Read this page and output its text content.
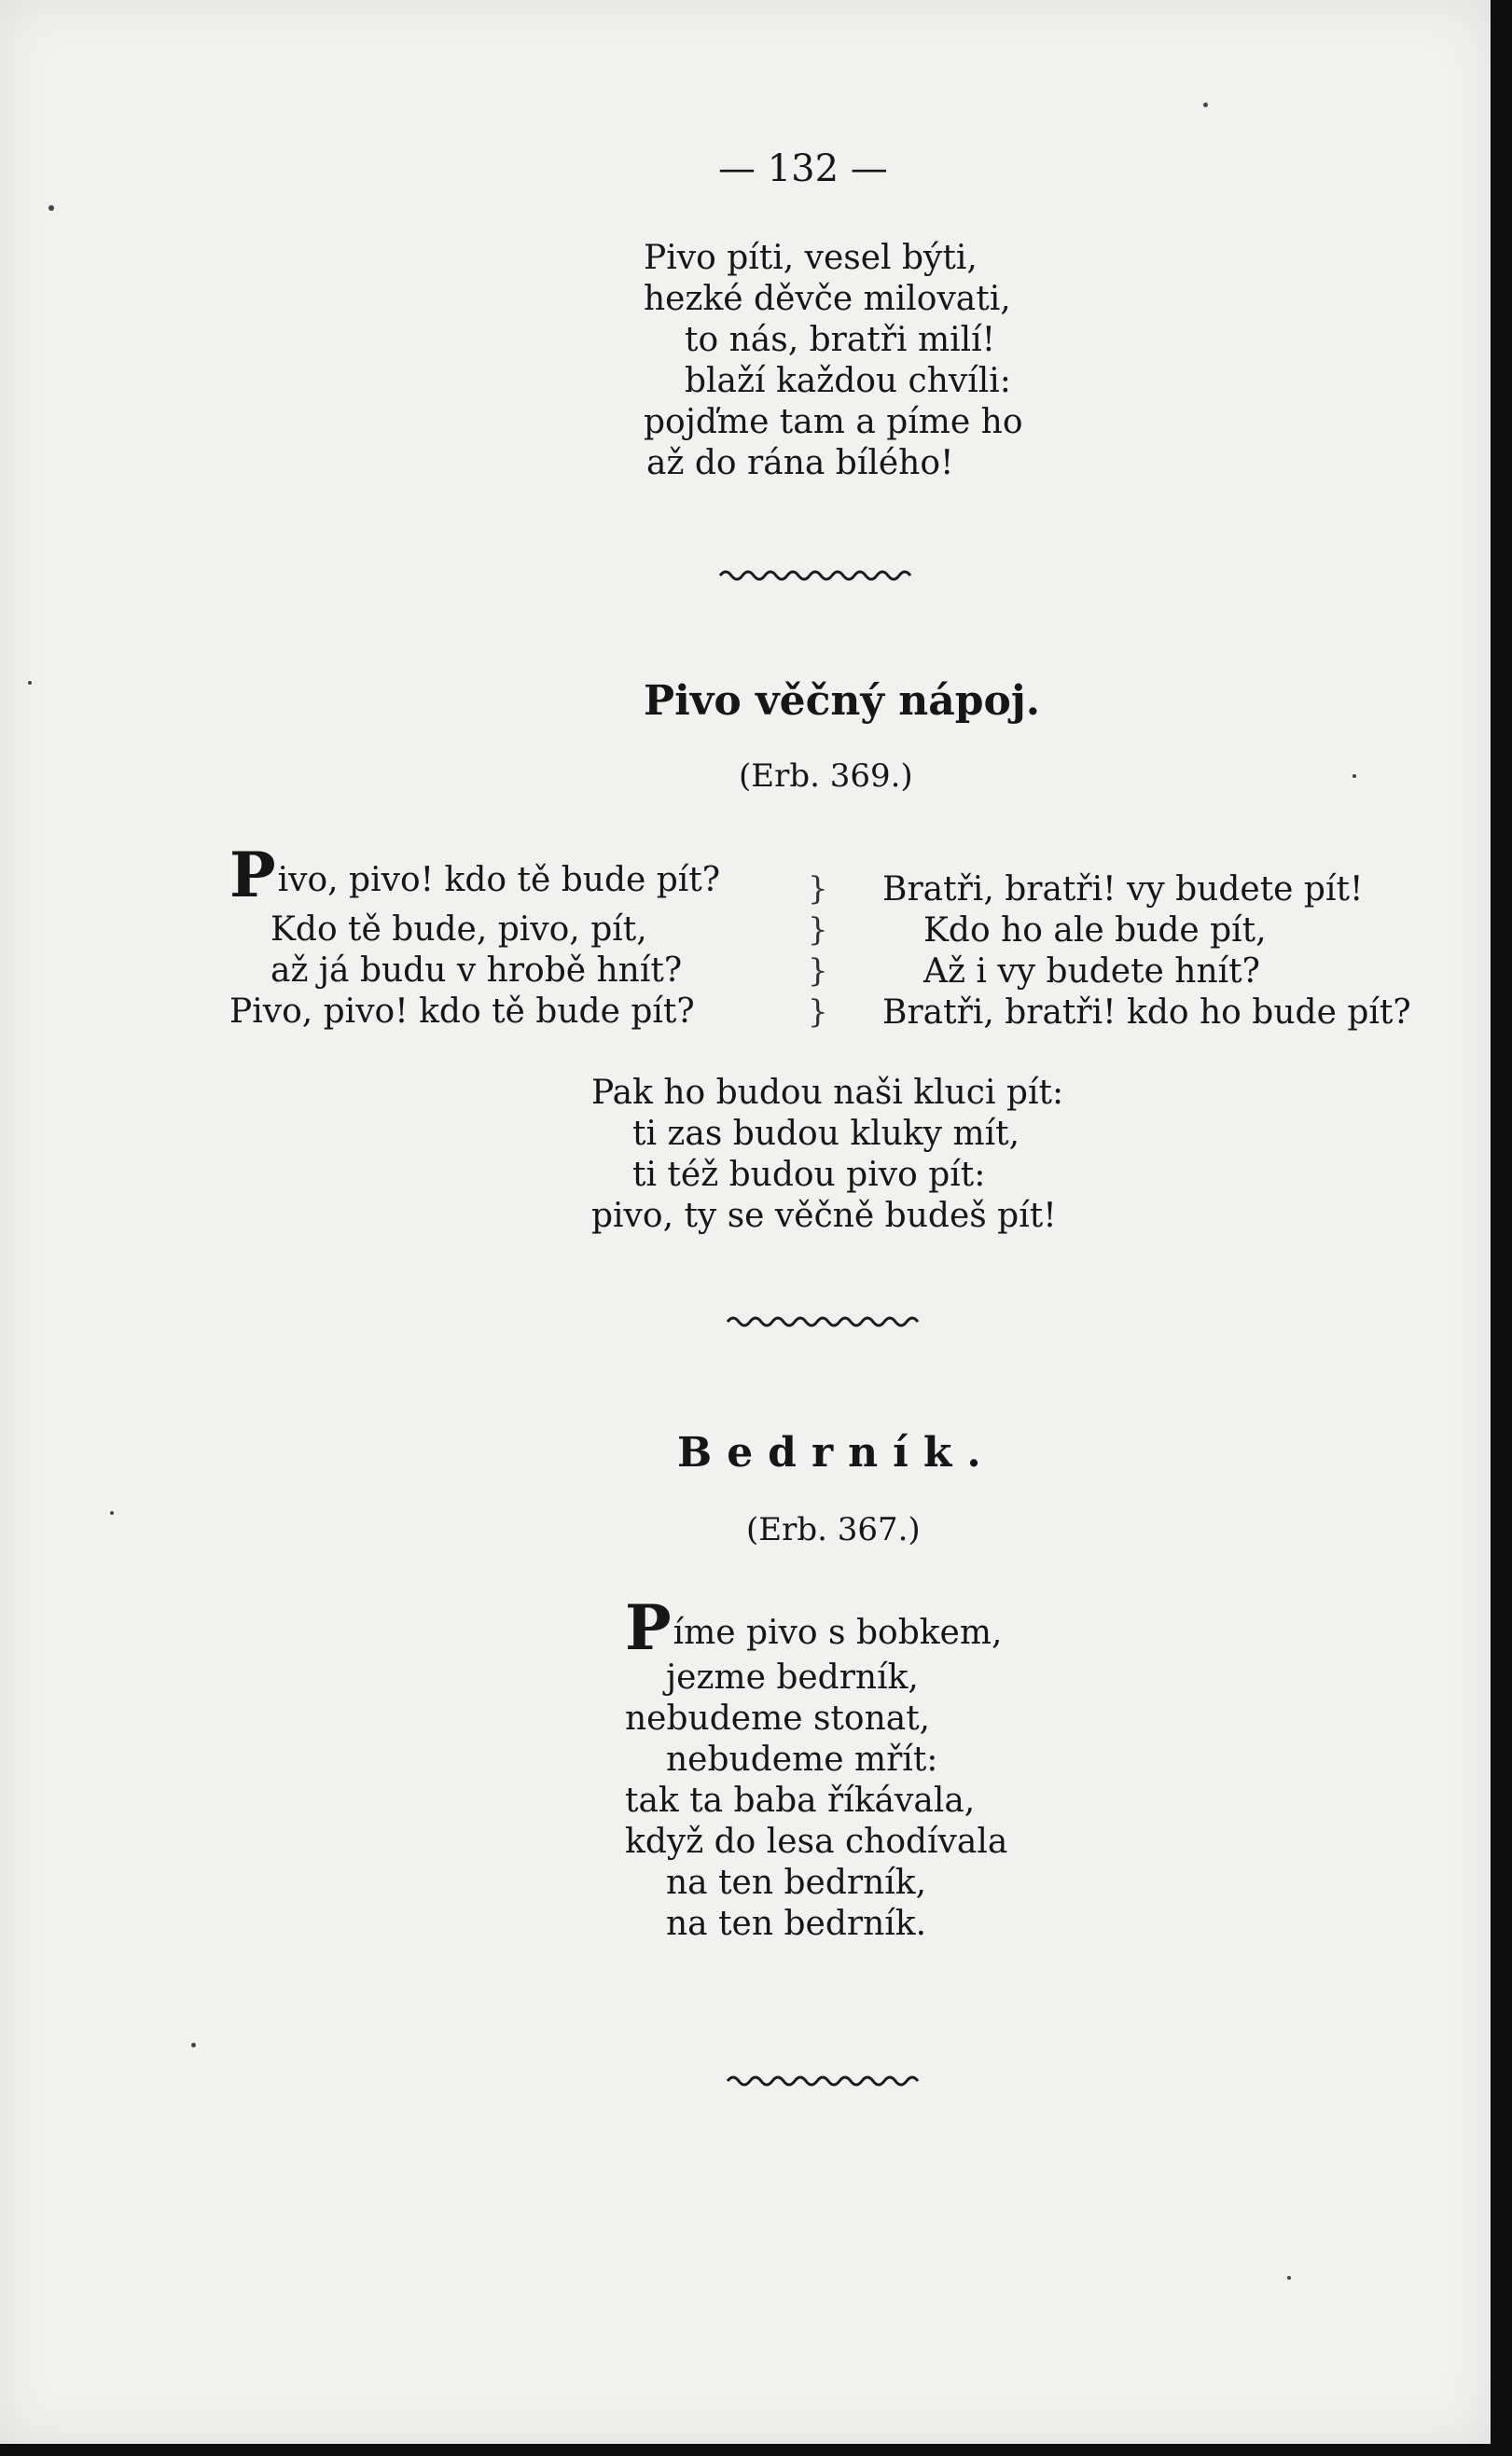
— 132 —
Pivo píti, vesel býti,
hezké děvče milovati,
to nás, bratři milí!
blaží každou chvíli:
pojďme tam a píme ho
až do rána bílého!
Pivo věčný nápoj.
(Erb. 369.)
Pivo, pivo! kdo tě bude pít?
Kdo tě bude, pivo, pít,
až já budu v hrobě hnít?
Pivo, pivo! kdo tě bude pít?
}
}
}
}
Bratři, bratři! vy budete pít!
Kdo ho ale bude pít,
Až i vy budete hnít?
Bratři, bratři! kdo ho bude pít?
Pak ho budou naši kluci pít:
ti zas budou kluky mít,
ti též budou pivo pít:
pivo, ty se věčně budeš pít!
Bedrník.
(Erb. 367.)
Píme pivo s bobkem,
jezme bedrník,
nebudeme stonat,
nebudeme mřít:
tak ta baba říkávala,
když do lesa chodívala
na ten bedrník,
na ten bedrník.
